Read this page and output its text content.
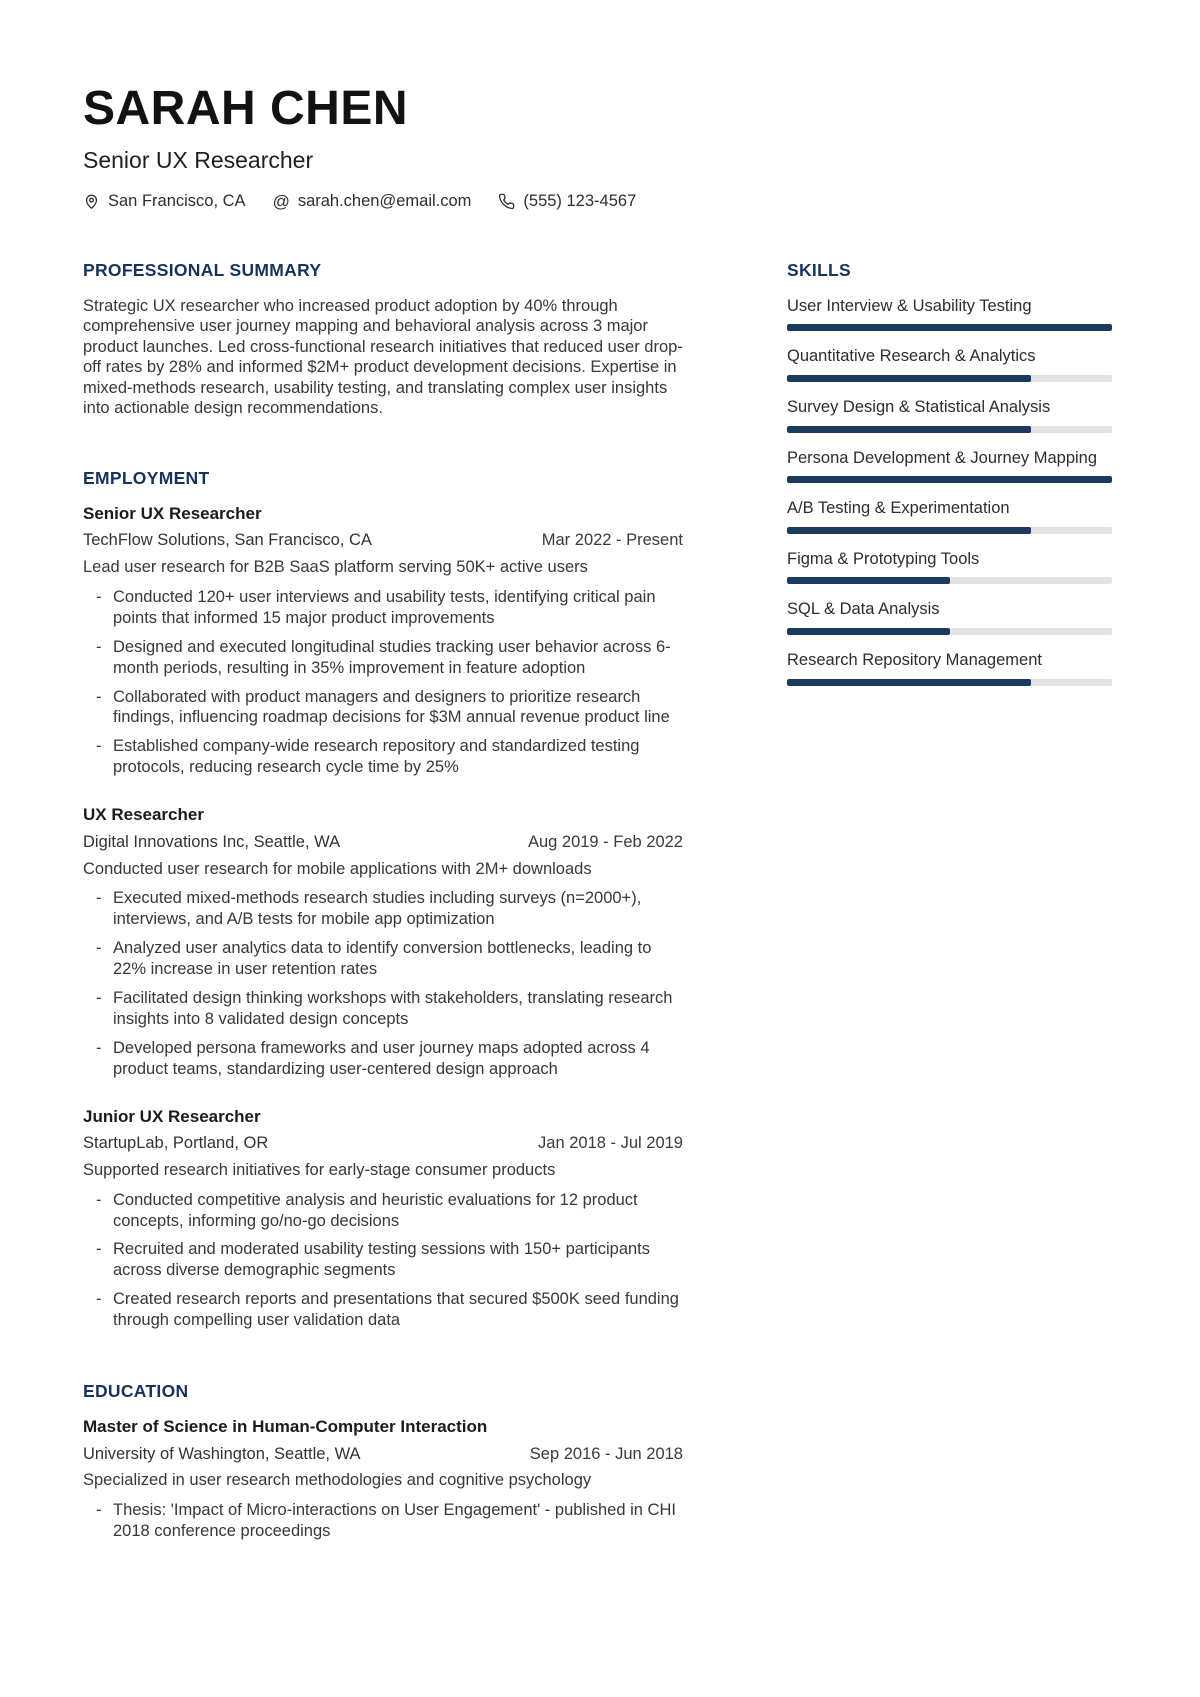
SARAH CHEN
Senior UX Researcher
San Francisco, CA @ sarah.chen@email.com	(555) 123-4567
PROFESSIONAL SUMMARY

Strategic UX researcher who increased product adoption by 40% through comprehensive user journey mapping and behavioral analysis across 3 major product launches. Led cross-functional research initiatives that reduced user drop-off rates by 28% and informed $2M+ product development decisions. Expertise in mixed-methods research, usability testing, and translating complex user insights into actionable design recommendations.

EMPLOYMENT
Senior UX Researcher
TechFlow Solutions, San Francisco, CA	Mar 2022 - Present
Lead user research for B2B SaaS platform serving 50K+ active users
- Conducted 120+ user interviews and usability tests, identifying critical pain points that informed 15 major product improvements
- Designed and executed longitudinal studies tracking user behavior across 6-month periods, resulting in 35% improvement in feature adoption
- Collaborated with product managers and designers to prioritize research findings, influencing roadmap decisions for $3M annual revenue product line
- Established company-wide research repository and standardized testing protocols, reducing research cycle time by 25%
UX Researcher
Digital Innovations Inc, Seattle, WA	Aug 2019 - Feb 2022
Conducted user research for mobile applications with 2M+ downloads
- Executed mixed-methods research studies including surveys (n=2000+), interviews, and A/B tests for mobile app optimization
- Analyzed user analytics data to identify conversion bottlenecks, leading to 22% increase in user retention rates
- Facilitated design thinking workshops with stakeholders, translating research insights into 8 validated design concepts
- Developed persona frameworks and user journey maps adopted across 4 product teams, standardizing user-centered design approach
Junior UX Researcher
StartupLab, Portland, OR	Jan 2018 - Jul 2019
Supported research initiatives for early-stage consumer products
- Conducted competitive analysis and heuristic evaluations for 12 product concepts, informing go/no-go decisions
- Recruited and moderated usability testing sessions with 150+ participants across diverse demographic segments
- Created research reports and presentations that secured $500K seed funding through compelling user validation data
EDUCATION
Master of Science in Human-Computer Interaction
University of Washington, Seattle, WA	Sep 2016 - Jun 2018
Specialized in user research methodologies and cognitive psychology
- Thesis: 'Impact of Micro-interactions on User Engagement' - published in CHI 2018 conference proceedings
SKILLS
User Interview & Usability Testing
Quantitative Research & Analytics
Survey Design & Statistical Analysis
Persona Development & Journey Mapping
A/B Testing & Experimentation
Figma & Prototyping Tools
SQL & Data Analysis
Research Repository Management
